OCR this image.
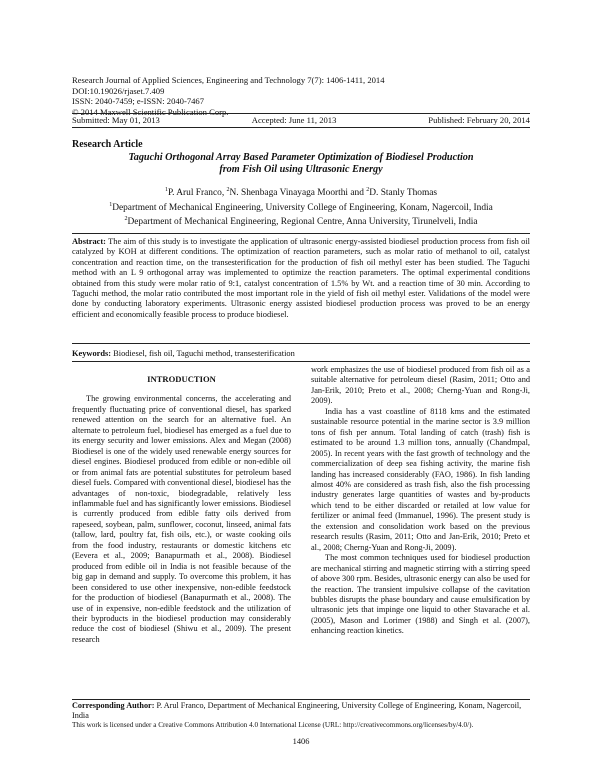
Research Journal of Applied Sciences, Engineering and Technology 7(7): 1406-1411, 2014
DOI:10.19026/rjaset.7.409
ISSN: 2040-7459; e-ISSN: 2040-7467
© 2014 Maxwell Scientific Publication Corp.
Submitted: May 01, 2013	Accepted: June 11, 2013	Published: February 20, 2014
Research Article
Taguchi Orthogonal Array Based Parameter Optimization of Biodiesel Production
from Fish Oil using Ultrasonic Energy
$^1$P. Arul Franco, $^2$N. Shenbaga Vinayaga Moorthi and $^2$D. Stanly Thomas
$^1$Department of Mechanical Engineering, University College of Engineering, Konam, Nagercoil, India
$^2$Department of Mechanical Engineering, Regional Centre, Anna University, Tirunelveli, India
Abstract: The aim of this study is to investigate the application of ultrasonic energy-assisted biodiesel production process from fish oil catalyzed by KOH at different conditions. The optimization of reaction parameters, such as molar ratio of methanol to oil, catalyst concentration and reaction time, on the transesterification for the production of fish oil methyl ester has been studied. The Taguchi method with an L 9 orthogonal array was implemented to optimize the reaction parameters. The optimal experimental conditions obtained from this study were molar ratio of 9:1, catalyst concentration of 1.5% by Wt. and a reaction time of 30 min. According to Taguchi method, the molar ratio contributed the most important role in the yield of fish oil methyl ester. Validations of the model were done by conducting laboratory experiments. Ultrasonic energy assisted biodiesel production process was proved to be an energy efficient and economically feasible process to produce biodiesel.
Keywords: Biodiesel, fish oil, Taguchi method, transesterification
INTRODUCTION

The growing environmental concerns, the accelerating and frequently fluctuating price of conventional diesel, has sparked renewed attention on the search for an alternative fuel. An alternate to petroleum fuel, biodiesel has emerged as a fuel due to its energy security and lower emissions. Alex and Megan (2008) Biodiesel is one of the widely used renewable energy sources for diesel engines. Biodiesel produced from edible or non-edible oil or from animal fats are potential substitutes for petroleum based diesel fuels. Compared with conventional diesel, biodiesel has the advantages of non-toxic, biodegradable, relatively less inflammable fuel and has significantly lower emissions. Biodiesel is currently produced from edible fatty oils derived from rapeseed, soybean, palm, sunflower, coconut, linseed, animal fats (tallow, lard, poultry fat, fish oils, etc.), or waste cooking oils from the food industry, restaurants or domestic kitchens etc (Eevera et al., 2009; Banapurmath et al., 2008). Biodiesel produced from edible oil in India is not feasible because of the big gap in demand and supply. To overcome this problem, it has been considered to use other inexpensive, non-edible feedstock for the production of biodiesel (Banapurmath et al., 2008). The use of in expensive, non-edible feedstock and the utilization of their byproducts in the biodiesel production may considerably reduce the cost of biodiesel (Shiwu et al., 2009). The present research

work emphasizes the use of biodiesel produced from fish oil as a suitable alternative for petroleum diesel (Rasim, 2011; Otto and Jan-Erik, 2010; Preto et al., 2008; Cherng-Yuan and Rong-Ji, 2009).

India has a vast coastline of 8118 kms and the estimated sustainable resource potential in the marine sector is 3.9 million tons of fish per annum. Total landing of catch (trash) fish is estimated to be around 1.3 million tons, annually (Chandmpal, 2005). In recent years with the fast growth of technology and the commercialization of deep sea fishing activity, the marine fish landing has increased considerably (FAO, 1986). In fish landing almost 40% are considered as trash fish, also the fish processing industry generates large quantities of wastes and by-products which tend to be either discarded or retailed at low value for fertilizer or animal feed (Immanuel, 1996). The present study is the extension and consolidation work based on the previous research results (Rasim, 2011; Otto and Jan-Erik, 2010; Preto et al., 2008; Cherng-Yuan and Rong-Ji, 2009).

The most common techniques used for biodiesel production are mechanical stirring and magnetic stirring with a stirring speed of above 300 rpm. Besides, ultrasonic energy can also be used for the reaction. The transient impulsive collapse of the cavitation bubbles disrupts the phase boundary and cause emulsification by ultrasonic jets that impinge one liquid to other Stavarache et al. (2005), Mason and Lorimer (1988) and Singh et al. (2007), enhancing reaction kinetics.

Corresponding Author: P. Arul Franco, Department of Mechanical Engineering, University College of Engineering, Konam, Nagercoil, India
This work is licensed under a Creative Commons Attribution 4.0 International License (URL: http://creativecommons.org/licenses/by/4.0/).
1406
